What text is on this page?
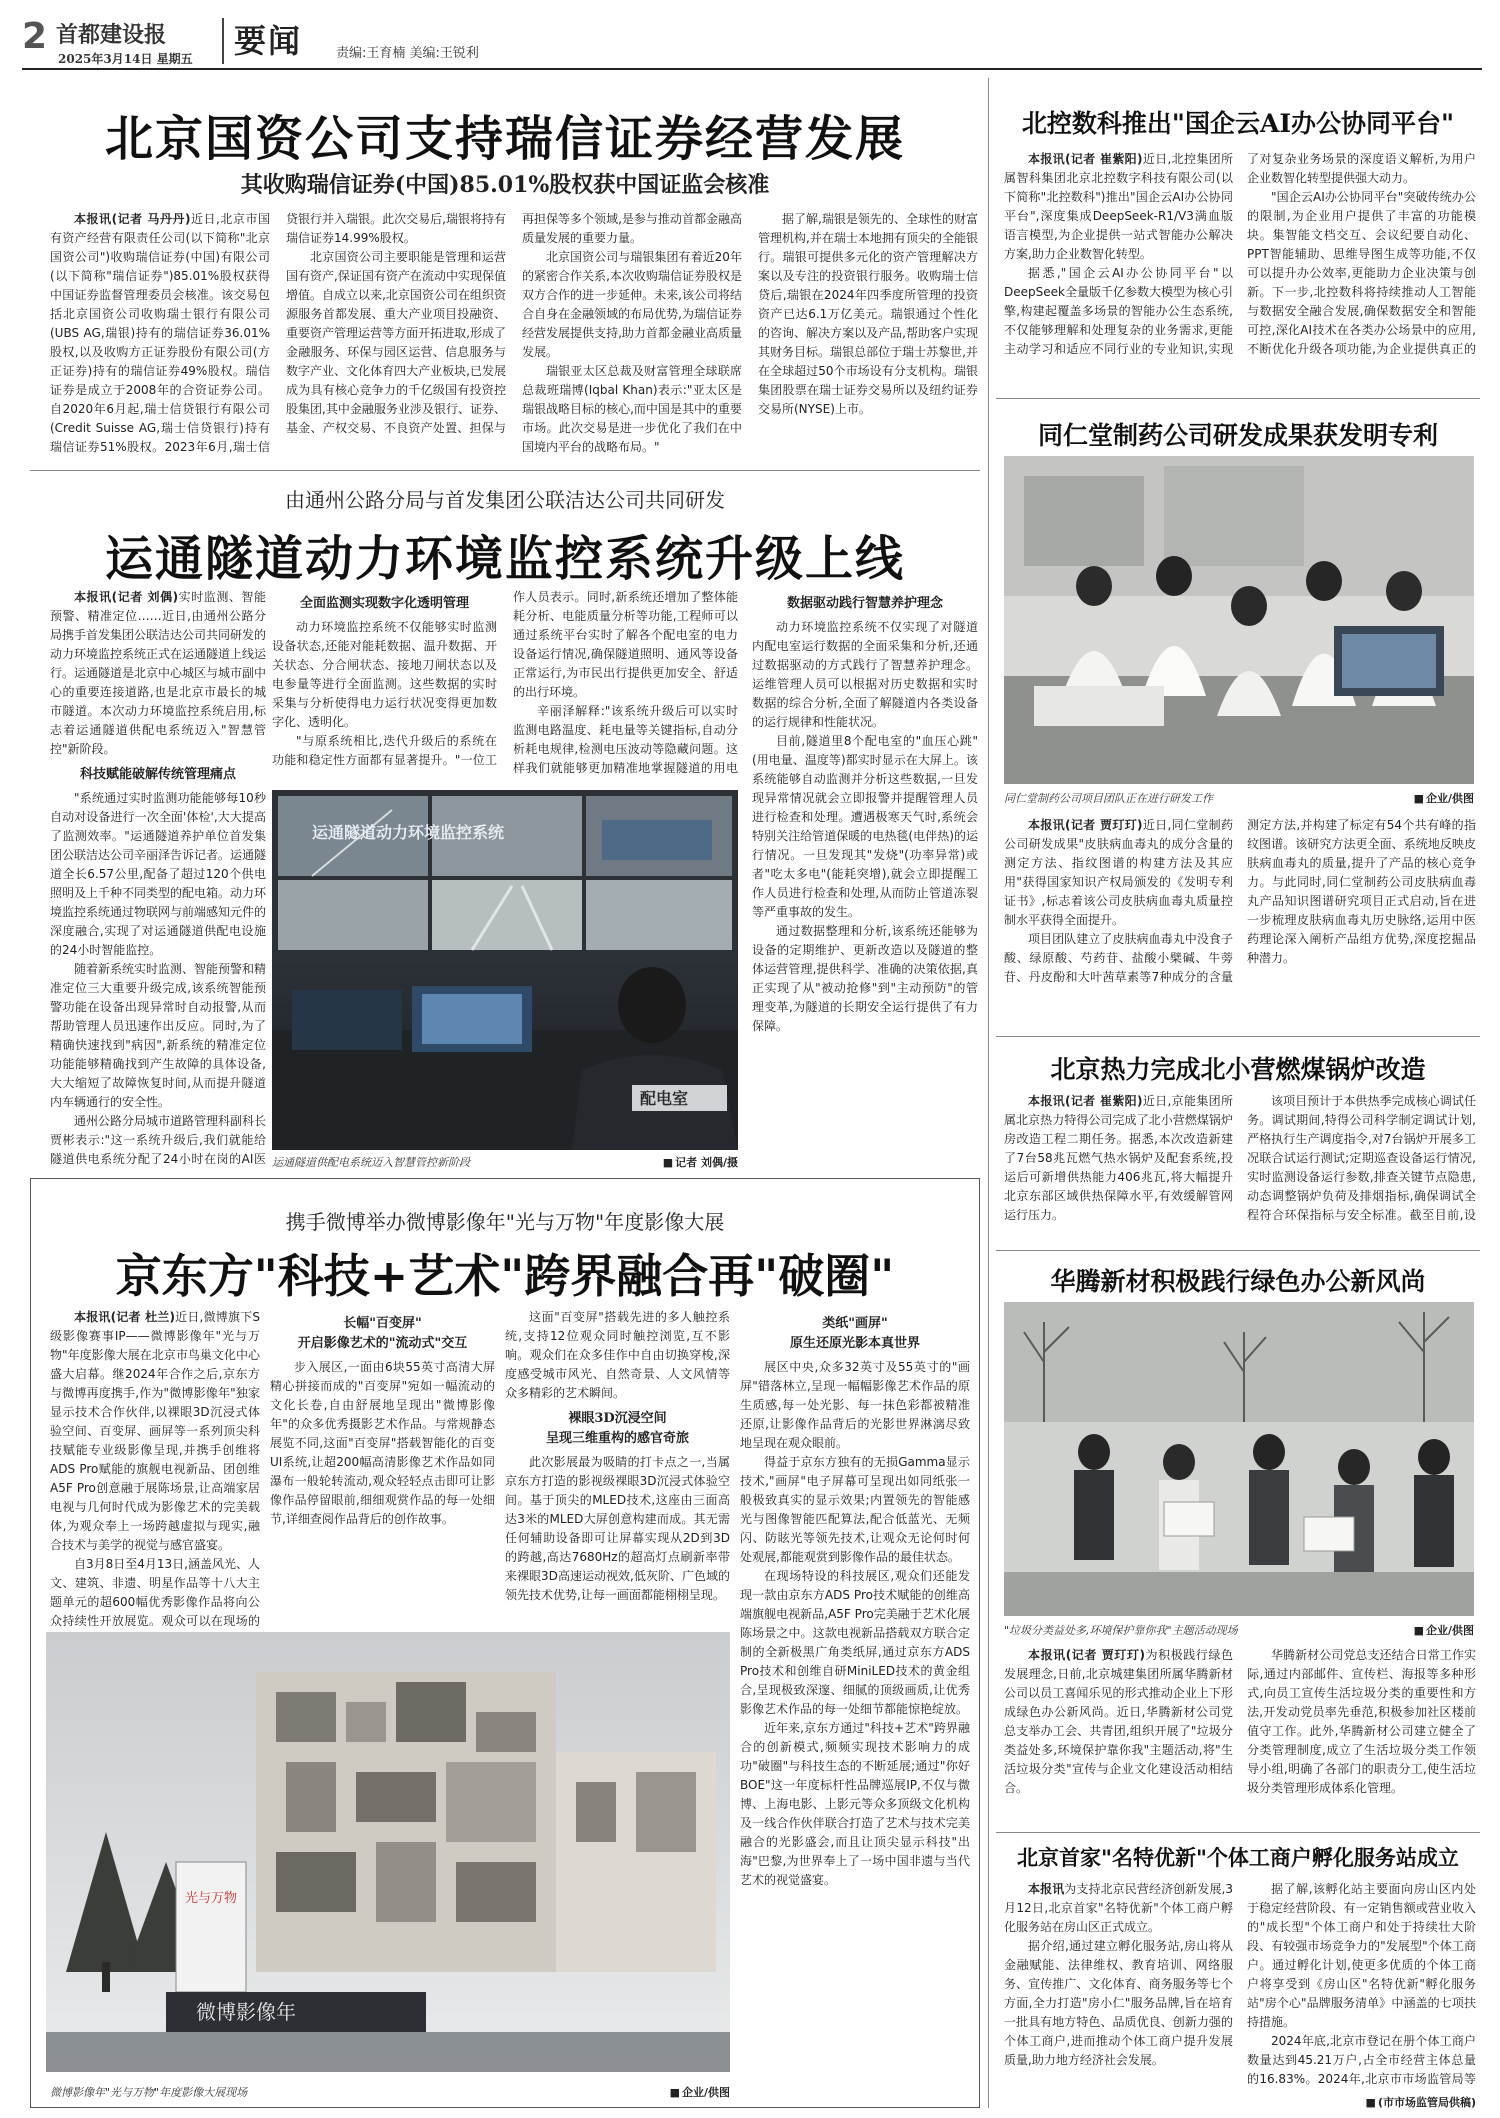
2 首都建设报
2025年3月14日 星期五 要闻	责编:王育楠 美编:王锐利
北京国资公司支持瑞信证券经营发展
其收购瑞信证券(中国)85.01%股权获中国证监会核准

本报讯(记者 马丹丹)近日,北京市国有资产经营有限责任公司(以下简称"北京国资公司")收购瑞信证券(中国)有限公司(以下简称"瑞信证券")85.01%股权获得中国证券监督管理委员会核准。该交易包括北京国资公司收购瑞士银行有限公司(UBS AG,瑞银)持有的瑞信证券36.01%股权,以及收购方正证券股份有限公司(方正证券)持有的瑞信证券49%股权。瑞信证券是成立于2008年的合资证券公司。自2020年6月起,瑞士信贷银行有限公司(Credit Suisse AG,瑞士信贷银行)持有瑞信证券51%股权。2023年6月,瑞士信贷银行并入瑞银。此次交易后,瑞银将持有瑞信证券14.99%股权。

北京国资公司主要职能是管理和运营国有资产,保证国有资产在流动中实现保值增值。自成立以来,北京国资公司在组织资源服务首都发展、重大产业项目投融资、重要资产管理运营等方面开拓进取,形成了金融服务、环保与园区运营、信息服务与数字产业、文化体育四大产业板块,已发展成为具有核心竞争力的千亿级国有投资控股集团,其中金融服务业涉及银行、证券、基金、产权交易、不良资产处置、担保与再担保等多个领域,是参与推动首都金融高质量发展的重要力量。

北京国资公司与瑞银集团有着近20年的紧密合作关系,本次收购瑞信证券股权是双方合作的进一步延伸。未来,该公司将结合自身在金融领域的布局优势,为瑞信证券经营发展提供支持,助力首都金融业高质量发展。

瑞银亚太区总裁及财富管理全球联席总裁班瑞博(Iqbal Khan)表示:"亚太区是瑞银战略目标的核心,而中国是其中的重要市场。此次交易是进一步优化了我们在中国境内平台的战略布局。"

据了解,瑞银是领先的、全球性的财富管理机构,并在瑞士本地拥有顶尖的全能银行。瑞银可提供多元化的资产管理解决方案以及专注的投资银行服务。收购瑞士信贷后,瑞银在2024年四季度所管理的投资资产已达6.1万亿美元。瑞银通过个性化的咨询、解决方案以及产品,帮助客户实现其财务目标。瑞银总部位于瑞士苏黎世,并在全球超过50个市场设有分支机构。瑞银集团股票在瑞士证券交易所以及纽约证券交易所(NYSE)上市。

由通州公路分局与首发集团公联洁达公司共同研发
运通隧道动力环境监控系统升级上线

本报讯(记者 刘偶)实时监测、智能预警、精准定位……近日,由通州公路分局携手首发集团公联洁达公司共同研发的动力环境监控系统正式在运通隧道上线运行。运通隧道是北京中心城区与城市副中心的重要连接道路,也是北京市最长的城市隧道。本次动力环境监控系统启用,标志着运通隧道供配电系统迈入"智慧管控"新阶段。

科技赋能破解传统管理痛点

"系统通过实时监测功能能够每10秒自动对设备进行一次全面'体检',大大提高了监测效率。"运通隧道养护单位首发集团公联洁达公司辛丽泽告诉记者。运通隧道全长6.57公里,配备了超过120个供电照明及上千种不同类型的配电箱。动力环境监控系统通过物联网与前端感知元件的深度融合,实现了对运通隧道供配电设施的24小时智能监控。

随着新系统实时监测、智能预警和精准定位三大重要升级完成,该系统智能预警功能在设备出现异常时自动报警,从而帮助管理人员迅速作出反应。同时,为了精确快速找到"病因",新系统的精准定位功能能够精确找到产生故障的具体设备,大大缩短了故障恢复时间,从而提升隧道内车辆通行的安全性。

通州公路分局城市道路管理科副科长贾彬表示:"这一系统升级后,我们就能给隧道供电系统分配了24小时在岗的AI医

全面监测实现数字化透明管理

动力环境监控系统不仅能够实时监测设备状态,还能对能耗数据、温升数据、开关状态、分合闸状态、接地刀闸状态以及电参量等进行全面监测。这些数据的实时采集与分析使得电力运行状况变得更加数字化、透明化。

"与原系统相比,迭代升级后的系统在功能和稳定性方面都有显著提升。"一位工作人员表示。同时,新系统还增加了整体能耗分析、电能质量分析等功能,工程师可以通过系统平台实时了解各个配电室的电力设备运行情况,确保隧道照明、通风等设备正常运行,为市民出行提供更加安全、舒适的出行环境。

辛丽泽解释:"该系统升级后可以实时监测电路温度、耗电量等关键指标,自动分析耗电规律,检测电压波动等隐藏问题。这样我们就能够更加精准地掌握隧道的用电

数据驱动践行智慧养护理念

动力环境监控系统不仅实现了对隧道内配电室运行数据的全面采集和分析,还通过数据驱动的方式践行了智慧养护理念。运维管理人员可以根据对历史数据和实时数据的综合分析,全面了解隧道内各类设备的运行规律和性能状况。

目前,隧道里8个配电室的"血压心跳"(用电量、温度等)都实时显示在大屏上。该系统能够自动监测并分析这些数据,一旦发现异常情况就会立即报警并提醒管理人员进行检查和处理。遭遇极寒天气时,系统会特别关注给管道保暖的电热毯(电伴热)的运行情况。一旦发现其"发烧"(功率异常)或者"吃太多电"(能耗突增),就会立即提醒工作人员进行检查和处理,从而防止管道冻裂等严重事故的发生。

通过数据整理和分析,该系统还能够为设备的定期维护、更新改造以及隧道的整体运营管理,提供科学、准确的决策依据,真正实现了从"被动抢修"到"主动预防"的管理变革,为隧道的长期安全运行提供了有力保障。

运通隧道动力环境监控系统
配电室
运通隧道供配电系统迈入智慧管控新阶段	■ 记者 刘偶/摄
携手微博举办微博影像年"光与万物"年度影像大展
京东方"科技+艺术"跨界融合再"破圈"

本报讯(记者 杜兰)近日,微博旗下S级影像赛事IP——微博影像年"光与万物"年度影像大展在北京市鸟巢文化中心盛大启幕。继2024年合作之后,京东方与微博再度携手,作为"微博影像年"独家显示技术合作伙伴,以裸眼3D沉浸式体验空间、百变屏、画屏等一系列顶尖科技赋能专业级影像呈现,并携手创维将ADS Pro赋能的旗舰电视新品、团创维A5F Pro创意融于展陈场景,让高端家居电视与几何时代成为影像艺术的完美载体,为观众奉上一场跨越虚拟与现实,融合技术与美学的视觉与感官盛宴。

自3月8日至4月13日,涵盖风光、人文、建筑、非遗、明星作品等十八大主题单元的超600幅优秀影像作品将向公众持续性开放展览。观众可以在现场的

长幅"百变屏"
开启影像艺术的"流动式"交互

步入展区,一面由6块55英寸高清大屏精心拼接而成的"百变屏"宛如一幅流动的文化长卷,自由舒展地呈现出"微博影像年"的众多优秀摄影艺术作品。与常规静态展览不同,这面"百变屏"搭载智能化的百变UI系统,让超200幅高清影像艺术作品如同瀑布一般轮转流动,观众轻轻点击即可让影像作品停留眼前,细细观赏作品的每一处细节,详细查阅作品背后的创作故事。

这面"百变屏"搭载先进的多人触控系统,支持12位观众同时触控浏览,互不影响。观众们在众多佳作中自由切换穿梭,深度感受城市风光、自然奇景、人文风情等众多精彩的艺术瞬间。

裸眼3D沉浸空间
呈现三维重构的感官奇旅

此次影展最为吸睛的打卡点之一,当属京东方打造的影视级裸眼3D沉浸式体验空间。基于顶尖的MLED技术,这座由三面高达3米的MLED大屏创意构建而成。其无需任何辅助设备即可让屏幕实现从2D到3D的跨越,高达7680Hz的超高灯点刷新率带来裸眼3D高速运动视效,低灰阶、广色域的领先技术优势,让每一画面都能栩栩呈现。

类纸"画屏"
原生还原光影本真世界

展区中央,众多32英寸及55英寸的"画屏"错落林立,呈现一幅幅影像艺术作品的原生质感,每一处光影、每一抹色彩都被精准还原,让影像作品背后的光影世界淋漓尽致地呈现在观众眼前。

得益于京东方独有的无损Gamma显示技术,"画屏"电子屏幕可呈现出如同纸张一般极致真实的显示效果;内置领先的智能感光与图像智能匹配算法,配合低蓝光、无频闪、防眩光等领先技术,让观众无论何时何处观展,都能观赏到影像作品的最佳状态。

在现场特设的科技展区,观众们还能发现一款由京东方ADS Pro技术赋能的创维高端旗舰电视新品,A5F Pro完美融于艺术化展陈场景之中。这款电视新品搭载双方联合定制的全新极黑广角类纸屏,通过京东方ADS Pro技术和创维自研MiniLED技术的黄金组合,呈现极致深邃、细腻的顶级画质,让优秀影像艺术作品的每一处细节都能惊艳绽放。

近年来,京东方通过"科技+艺术"跨界融合的创新模式,频频实现技术影响力的成功"破圈"与科技生态的不断延展;通过"你好BOE"这一年度标杆性品牌巡展IP,不仅与微博、上海电影、上影元等众多顶级文化机构及一线合作伙伴联合打造了艺术与技术完美融合的光影盛会,而且让顶尖显示科技"出海"巴黎,为世界奉上了一场中国非遗与当代艺术的视觉盛宴。

光与万物
微博影像年
微博影像年"光与万物"年度影像大展现场	■ 企业/供图
北控数科推出"国企云AI办公协同平台"

本报讯(记者 崔紫阳)近日,北控集团所属智科集团北京北控数字科技有限公司(以下简称"北控数科")推出"国企云AI办公协同平台",深度集成DeepSeek-R1/V3满血版语言模型,为企业提供一站式智能办公解决方案,助力企业数智化转型。

据悉,"国企云AI办公协同平台"以DeepSeek全量版千亿参数大模型为核心引擎,构建起覆盖多场景的智能办公生态系统,不仅能够理解和处理复杂的业务需求,更能主动学习和适应不同行业的专业知识,实现了对复杂业务场景的深度语义解析,为用户企业数智化转型提供强大动力。

"国企云AI办公协同平台"突破传统办公的限制,为企业用户提供了丰富的功能模块。集智能文档交互、会议纪要自动化、PPT智能辅助、思维导图生成等功能,不仅可以提升办公效率,更能助力企业决策与创新。下一步,北控数科将持续推动人工智能与数据安全融合发展,确保数据安全和智能可控,深化AI技术在各类办公场景中的应用,不断优化升级各项功能,为企业提供真正的

同仁堂制药公司研发成果获发明专利
同仁堂制药公司项目团队正在进行研发工作	■ 企业/供图

本报讯(记者 贾玎玎)近日,同仁堂制药公司研发成果"皮肤病血毒丸的成分含量的测定方法、指纹图谱的构建方法及其应用"获得国家知识产权局颁发的《发明专利证书》,标志着该公司皮肤病血毒丸质量控制水平获得全面提升。

项目团队建立了皮肤病血毒丸中没食子酸、绿原酸、芍药苷、盐酸小檗碱、牛蒡苷、丹皮酚和大叶茜草素等7种成分的含量测定方法,并构建了标定有54个共有峰的指纹图谱。该研究方法更全面、系统地反映皮肤病血毒丸的质量,提升了产品的核心竞争力。与此同时,同仁堂制药公司皮肤病血毒丸产品知识图谱研究项目正式启动,旨在进一步梳理皮肤病血毒丸历史脉络,运用中医药理论深入阐析产品组方优势,深度挖掘品种潜力。

北京热力完成北小营燃煤锅炉改造

本报讯(记者 崔紫阳)近日,京能集团所属北京热力特得公司完成了北小营燃煤锅炉房改造工程二期任务。据悉,本次改造新建了7台58兆瓦燃气热水锅炉及配套系统,投运后可新增供热能力406兆瓦,将大幅提升北京东部区域供热保障水平,有效缓解管网运行压力。

该项目预计于本供热季完成核心调试任务。调试期间,特得公司科学制定调试计划,严格执行生产调度指令,对7台锅炉开展多工况联合试运行测试;定期巡查设备运行情况,实时监测设备运行参数,排查关键节点隐患,动态调整锅炉负荷及排烟指标,确保调试全程符合环保指标与安全标准。截至目前,设

华腾新材积极践行绿色办公新风尚
"垃圾分类益处多,环境保护靠你我"主题活动现场	■ 企业/供图

本报讯(记者 贾玎玎)为积极践行绿色发展理念,日前,北京城建集团所属华腾新材公司以员工喜闻乐见的形式推动企业上下形成绿色办公新风尚。近日,华腾新材公司党总支举办工会、共青团,组织开展了"垃圾分类益处多,环境保护靠你我"主题活动,将"生活垃圾分类"宣传与企业文化建设活动相结合。

华腾新材公司党总支还结合日常工作实际,通过内部邮件、宣传栏、海报等多种形式,向员工宣传生活垃圾分类的重要性和方法,开发动党员率先垂范,积极参加社区楼前值守工作。此外,华腾新材公司建立健全了分类管理制度,成立了生活垃圾分类工作领导小组,明确了各部门的职责分工,使生活垃圾分类管理形成体系化管理。

北京首家"名特优新"个体工商户孵化服务站成立

本报讯为支持北京民营经济创新发展,3月12日,北京首家"名特优新"个体工商户孵化服务站在房山区正式成立。

据介绍,通过建立孵化服务站,房山将从金融赋能、法律维权、教育培训、网络服务、宣传推广、文化体育、商务服务等七个方面,全力打造"房小仁"服务品牌,旨在培育一批具有地方特色、品质优良、创新力强的个体工商户,进而推动个体工商户提升发展质量,助力地方经济社会发展。

据了解,该孵化站主要面向房山区内处于稳定经营阶段、有一定销售额或营业收入的"成长型"个体工商户和处于持续壮大阶段、有较强市场竞争力的"发展型"个体工商户。通过孵化计划,使更多优质的个体工商户将享受到《房山区"名特优新"孵化服务站"房个心"品牌服务清单》中涵盖的七项扶持措施。

2024年底,北京市登记在册个体工商户数量达到45.21万户,占全市经营主体总量的16.83%。2024年,北京市市场监管局等

■ (市市场监管局供稿)
